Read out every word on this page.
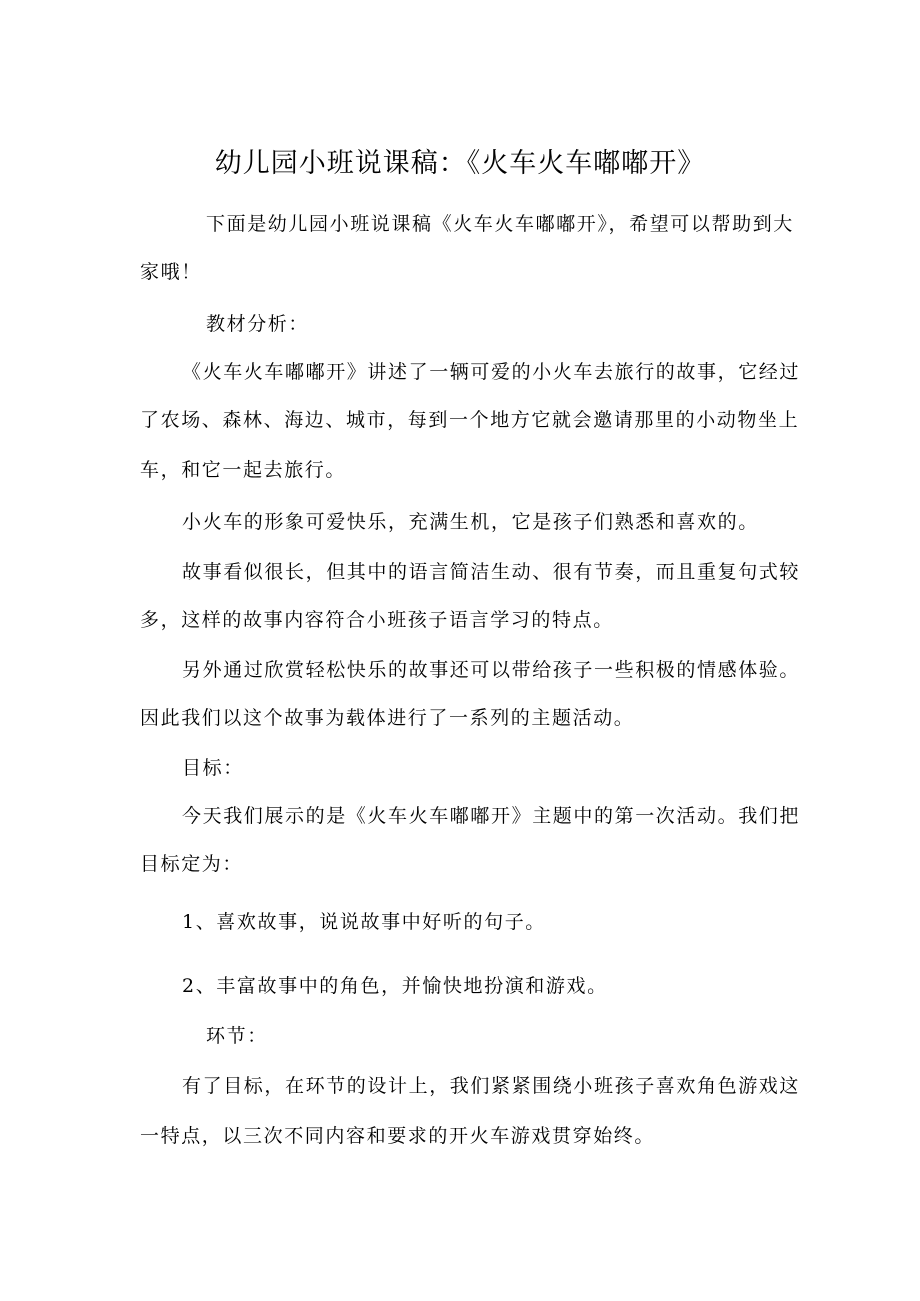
幼儿园小班说课稿：《火车火车嘟嘟开》
下面是幼儿园小班说课稿《火车火车嘟嘟开》，希望可以帮助到大
家哦！
教材分析：
《火车火车嘟嘟开》讲述了一辆可爱的小火车去旅行的故事，它经过
了农场、森林、海边、城市，每到一个地方它就会邀请那里的小动物坐上
车，和它一起去旅行。
小火车的形象可爱快乐，充满生机，它是孩子们熟悉和喜欢的。
故事看似很长，但其中的语言简洁生动、很有节奏，而且重复句式较
多，这样的故事内容符合小班孩子语言学习的特点。
另外通过欣赏轻松快乐的故事还可以带给孩子一些积极的情感体验。
因此我们以这个故事为载体进行了一系列的主题活动。
目标：
今天我们展示的是《火车火车嘟嘟开》主题中的第一次活动。我们把
目标定为：
1、喜欢故事，说说故事中好听的句子。
2、丰富故事中的角色，并愉快地扮演和游戏。
环节：
有了目标，在环节的设计上，我们紧紧围绕小班孩子喜欢角色游戏这
一特点，以三次不同内容和要求的开火车游戏贯穿始终。
